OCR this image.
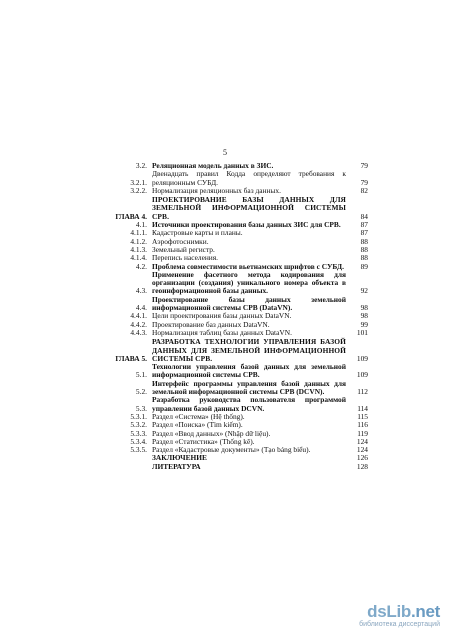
5
3.2. Реляционная модель данных в ЗИС.	79
3.2.1.
Двенадцать правил Кодда определяют требования к реляционным СУБД.	79
3.2.2. Нормализация реляционных баз данных.	82
ГЛАВА 4.
ПРОЕКТИРОВАНИЕ БАЗЫ ДАННЫХ ДЛЯ ЗЕМЕЛЬНОЙ ИНФОРМАЦИОННОЙ СИСТЕМЫ СРВ.	84
4.1. Источники проектирования базы данных ЗИС для СРВ.	87
4.1.1. Кадастровые карты и планы.	87
4.1.2. Аэрофотоснимки.	88
4.1.3. Земельный регистр.	88
4.1.4. Перепись населения.	88
4.2. Проблема совместимости вьетнамских шрифтов с СУБД.	89
4.3.
Применение фасетного метода кодирования для организации (создания) уникального номера объекта в геоинформационной базы данных.	92
4.4.
Проектирование базы данных земельной информационной системы СРВ (DataVN).	98
4.4.1. Цели проектирования базы данных DataVN.	98
4.4.2. Проектирование баз данных DataVN.	99
4.4.3. Нормализация таблиц базы данных DataVN.	101
ГЛАВА 5.
РАЗРАБОТКА ТЕХНОЛОГИИ УПРАВЛЕНИЯ БАЗОЙ ДАННЫХ ДЛЯ ЗЕМЕЛЬНОЙ ИНФОРМАЦИОННОЙ СИСТЕМЫ СРВ.	109
5.1.
Технологии управления базой данных для земельной информационной системы СРВ.	109
5.2.
Интерфейс программы управления базой данных для земельной информационной системы СРВ (DCVN).	112
5.3.
Разработка руководства пользователя программой управлении базой данных DCVN.	114
5.3.1. Раздел «Система» (Hệ thống).	115
5.3.2. Раздел «Поиска» (Tìm kiếm).	116
5.3.3. Раздел «Ввод данных» (Nhập dữ liệu).	119
5.3.4. Раздел «Статистика» (Thống kê).	124
5.3.5. Раздел «Кадастровые документы» (Tạo bảng biểu).	124
ЗАКЛЮЧЕНИЕ	126
ЛИТЕРАТУРА	128
dsLib.net
библиотека диссертаций
